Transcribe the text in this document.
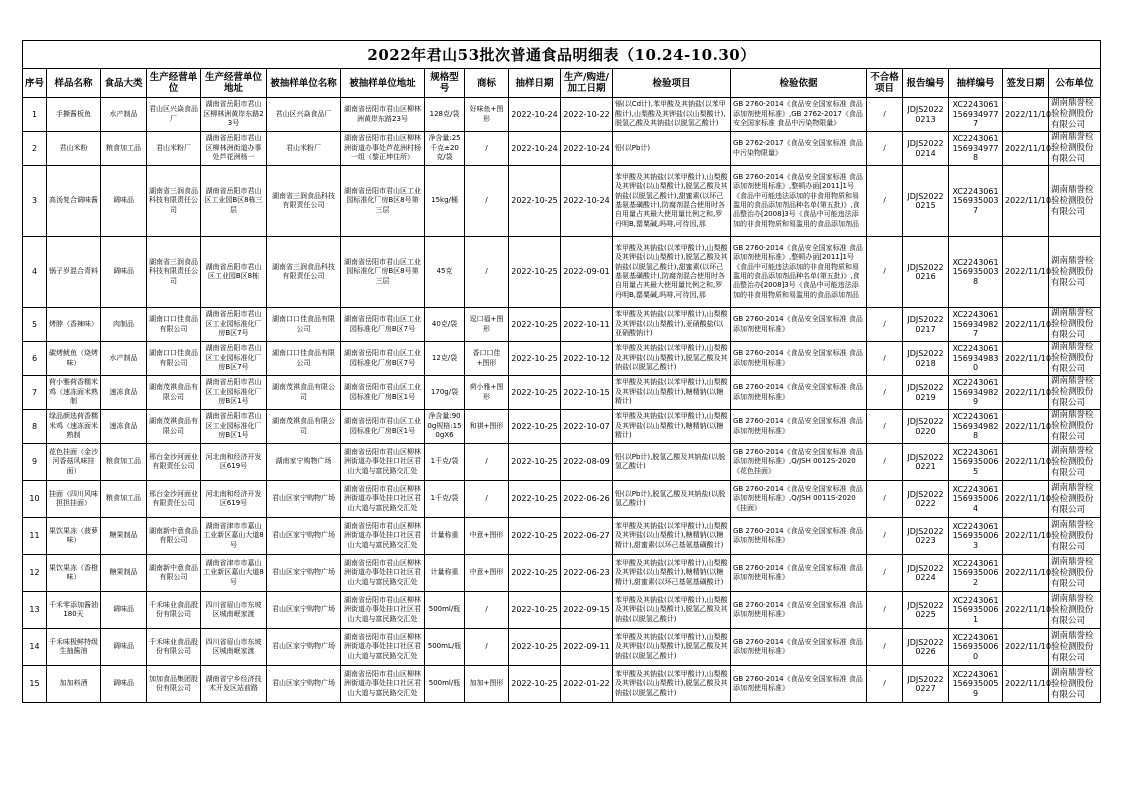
2022年君山53批次普通食品明细表（10.24-10.30）																	
序号	样品名称	食品大类	生产经营单位	生产经营单位地址	被抽样单位名称	被抽样单位地址	规格型号	商标	抽样日期	生产/购进/加工日期	检验项目	检验依据	不合格项目	报告编号	抽样编号	签发日期	公布单位

1	手撕酱板鱼	水产制品	君山区兴焱食品厂	湖南省岳阳市君山区柳林洲黄岸东路23号	君山区兴焱食品厂	湖南省岳阳市君山区柳林洲黄岸东路23号	128克/袋	好味鱼+图形	2022-10-24	2022-10-22	镉(以Cd计),苯甲酸及其钠盐(以苯甲酸计),山梨酸及其钾盐(以山梨酸计),脱氢乙酸及其钠盐(以脱氢乙酸计)	GB 2760-2014《食品安全国家标准 食品添加剂使用标准》,GB 2762-2017《食品安全国家标准 食品中污染物限量》	/	JDJS20220213	XC22430611569349777	2022/11/10	湖南鼎誉检验检测股份有限公司

2	君山米粉	粮食加工品	君山米粉厂	湖南省岳阳市君山区柳林洲街道办事处芦花洲杨一	君山米粉厂	湖南省岳阳市君山区柳林洲街道办事处芦花洲村杨一组（黎正坤住所）	净含量:25千克±20克/袋	/	2022-10-24	2022-10-24	铅(以Pb计)	GB 2762-2017《食品安全国家标准 食品中污染物限量》	/	JDJS20220214	XC22430611569349778	2022/11/10	湖南鼎誉检验检测股份有限公司

3	高汤复合调味酱	调味品	湖南省三润食品科技有限责任公司	湖南省岳阳市君山区工业园B区8栋三层	湖南省三润食品科技有限责任公司	湖南省岳阳市君山区工业园标准化厂房B区8号第三层	15kg/桶	/	2022-10-25	2022-10-24	苯甲酸及其钠盐(以苯甲酸计),山梨酸及其钾盐(以山梨酸计),脱氢乙酸及其钠盐(以脱氢乙酸计),甜蜜素(以环己基氨基磺酸计),防腐剂混合使用时各自用量占其最大使用量比例之和,罗丹明B,罂粟碱,吗啡,可待因,那	GB 2760-2014《食品安全国家标准 食品添加剂使用标准》,整顿办函[2011]1号《食品中可能违法添加的非食用物质和易滥用的食品添加剂品种名单(第五批)》,食品整治办[2008]3号《食品中可能违法添加的非食用物质和易滥用的食品添加剂品	/	JDJS20220215	XC22430611569350037	2022/11/10	湖南鼎誉检验检测股份有限公司

4	锅子岁混合青料	调味品	湖南省三润食品科技有限责任公司	湖南省岳阳市君山区工业园B区8栋	湖南省三润食品科技有限责任公司	湖南省岳阳市君山区工业园标准化厂房B区8号第三层	45克	/	2022-10-25	2022-09-01	苯甲酸及其钠盐(以苯甲酸计),山梨酸及其钾盐(以山梨酸计),脱氢乙酸及其钠盐(以脱氢乙酸计),甜蜜素(以环己基氨基磺酸计),防腐剂混合使用时各自用量占其最大使用量比例之和,罗丹明B,罂粟碱,吗啡,可待因,那	GB 2760-2014《食品安全国家标准 食品添加剂使用标准》,整顿办函[2011]1号《食品中可能违法添加的非食用物质和易滥用的食品添加剂品种名单(第五批)》,食品整治办[2008]3号《食品中可能违法添加的非食用物质和易滥用的食品添加剂品	/	JDJS20220216	XC22430611569350038	2022/11/10	湖南鼎誉检验检测股份有限公司

5	烤脖（香辣味）	肉制品	湖南口口佳食品有限公司	湖南省岳阳市君山区工业园标准化厂房B区7号	湖南口口佳食品有限公司	湖南省岳阳市君山区工业园标准化厂房B区7号	40克/袋	逗口福+图形	2022-10-25	2022-10-11	苯甲酸及其钠盐(以苯甲酸计),山梨酸及其钾盐(以山梨酸计),亚硝酸盐(以亚硝酸钠计)	GB 2760-2014《食品安全国家标准 食品添加剂使用标准》	/	JDJS20220217	XC22430611569349827	2022/11/10	湖南鼎誉检验检测股份有限公司

6	碳烤鱿鱼（烧烤味）	水产制品	湖南口口佳食品有限公司	湖南省岳阳市君山区工业园标准化厂房B区7号	湖南口口佳食品有限公司	湖南省岳阳市君山区工业园标准化厂房B区7号	12克/袋	香口口佳+图形	2022-10-25	2022-10-12	苯甲酸及其钠盐(以苯甲酸计),山梨酸及其钾盐(以山梨酸计),脱氢乙酸及其钠盐(以脱氢乙酸计)	GB 2760-2014《食品安全国家标准 食品添加剂使用标准》	/	JDJS20220218	XC22430611569349830	2022/11/10	湖南鼎誉检验检测股份有限公司

7	荷小雅荷香糯米鸡（速冻面米熟制	速冻食品	湖南茂祺食品有限公司	湖南省岳阳市君山区工业园标准化厂房B区1号	湖南茂祺食品有限公司	湖南省岳阳市君山区工业园标准化厂房B区1号	170g/袋	荷小雅+图形	2022-10-25	2022-10-15	苯甲酸及其钠盐(以苯甲酸计),山梨酸及其钾盐(以山梨酸计),糖精钠(以糖精计)	GB 2760-2014《食品安全国家标准 食品添加剂使用标准》	/	JDJS20220219	XC22430611569349829	2022/11/10	湖南鼎誉检验检测股份有限公司

8	绿品颜选荷香糯米鸡（速冻面米熟制	速冻食品	湖南茂祺食品有限公司	湖南省岳阳市君山区工业园标准化厂房B区1号	湖南茂祺食品有限公司	湖南省岳阳市君山区工业园标准化厂房B区1号	净含量:900g规格:150gX6	和祺+图形	2022-10-25	2022-10-07	苯甲酸及其钠盐(以苯甲酸计),山梨酸及其钾盐(以山梨酸计),糖精钠(以糖精计)	GB 2760-2014《食品安全国家标准 食品添加剂使用标准》	/	JDJS20220220	XC22430611569349828	2022/11/10	湖南鼎誉检验检测股份有限公司

9	花色挂面（金沙河香菇风味挂面）	粮食加工品	邢台金沙河面业有限责任公司	河北南和经济开发区619号	湖南家宁购物广场	湖南省岳阳市君山区柳林洲街道办事处挂口社区君山大道与富民路交汇处	1千克/袋	/	2022-10-25	2022-08-09	铅(以Pb计),脱氢乙酸及其钠盐(以脱氢乙酸计)	GB 2760-2014《食品安全国家标准 食品添加剂使用标准》,Q/JSH 0012S-2020《花色挂面》	/	JDJS20220221	XC22430611569350065	2022/11/10	湖南鼎誉检验检测股份有限公司

10	挂面（四川风味担担挂面）	粮食加工品	邢台金沙河面业有限责任公司	河北南和经济开发区619号	君山区家宁购物广场	湖南省岳阳市君山区柳林洲街道办事处挂口社区君山大道与富民路交汇处	1千克/袋	/	2022-10-25	2022-06-26	铅(以Pb计),脱氢乙酸及其钠盐(以脱氢乙酸计)	GB 2760-2014《食品安全国家标准 食品添加剂使用标准》,Q/JSH 0011S-2020《挂面》	/	JDJS20220222	XC22430611569350064	2022/11/10	湖南鼎誉检验检测股份有限公司

11	果饮果冻（菠萝味）	糖果制品	湖南新中意食品有限公司	湖南省津市市嘉山工业新区嘉山大道8号	君山区家宁购物广场	湖南省岳阳市君山区柳林洲街道办事处挂口社区君山大道与富民路交汇处	计量称重	中意+图形	2022-10-25	2022-06-27	苯甲酸及其钠盐(以苯甲酸计),山梨酸及其钾盐(以山梨酸计),糖精钠(以糖精计),甜蜜素(以环己基氨基磺酸计)	GB 2760-2014《食品安全国家标准 食品添加剂使用标准》	/	JDJS20220223	XC22430611569350063	2022/11/10	湖南鼎誉检验检测股份有限公司

12	果饮果冻（香橙味）	糖果制品	湖南新中意食品有限公司	湖南省津市市嘉山工业新区嘉山大道8号	君山区家宁购物广场	湖南省岳阳市君山区柳林洲街道办事处挂口社区君山大道与富民路交汇处	计量称重	中意+图形	2022-10-25	2022-06-23	苯甲酸及其钠盐(以苯甲酸计),山梨酸及其钾盐(以山梨酸计),糖精钠(以糖精计),甜蜜素(以环己基氨基磺酸计)	GB 2760-2014《食品安全国家标准 食品添加剂使用标准》	/	JDJS20220224	XC22430611569350062	2022/11/10	湖南鼎誉检验检测股份有限公司

13	千禾零添加酱油180天	调味品	千禾味业食品股份有限公司	四川省眉山市东坡区城南岷家渡	君山区家宁购物广场	湖南省岳阳市君山区柳林洲街道办事处挂口社区君山大道与富民路交汇处	500ml/瓶	/	2022-10-25	2022-09-15	苯甲酸及其钠盐(以苯甲酸计),山梨酸及其钾盐(以山梨酸计),脱氢乙酸及其钠盐(以脱氢乙酸计)	GB 2760-2014《食品安全国家标准 食品添加剂使用标准》	/	JDJS20220225	XC22430611569350061	2022/11/10	湖南鼎誉检验检测股份有限公司

14	千禾味极鲜特级生抽酱油	调味品	千禾味业食品股份有限公司	四川省眉山市东坡区城南岷家渡	君山区家宁购物广场	湖南省岳阳市君山区柳林洲街道办事处挂口社区君山大道与富民路交汇处	500mL/瓶	/	2022-10-25	2022-09-11	苯甲酸及其钠盐(以苯甲酸计),山梨酸及其钾盐(以山梨酸计),脱氢乙酸及其钠盐(以脱氢乙酸计)	GB 2760-2014《食品安全国家标准 食品添加剂使用标准》	/	JDJS20220226	XC22430611569350060	2022/11/10	湖南鼎誉检验检测股份有限公司

15	加加料酒	调味品	加加食品集团股份有限公司	湖南省宁乡经济技术开发区站前路	君山区家宁购物广场	湖南省岳阳市君山区柳林洲街道办事处挂口社区君山大道与富民路交汇处	500ml/瓶	加加+图形	2022-10-25	2022-01-22	苯甲酸及其钠盐(以苯甲酸计),山梨酸及其钾盐(以山梨酸计),脱氢乙酸及其钠盐(以脱氢乙酸计)	GB 2760-2014《食品安全国家标准 食品添加剂使用标准》	/	JDJS20220227	XC22430611569350059	2022/11/10	湖南鼎誉检验检测股份有限公司
